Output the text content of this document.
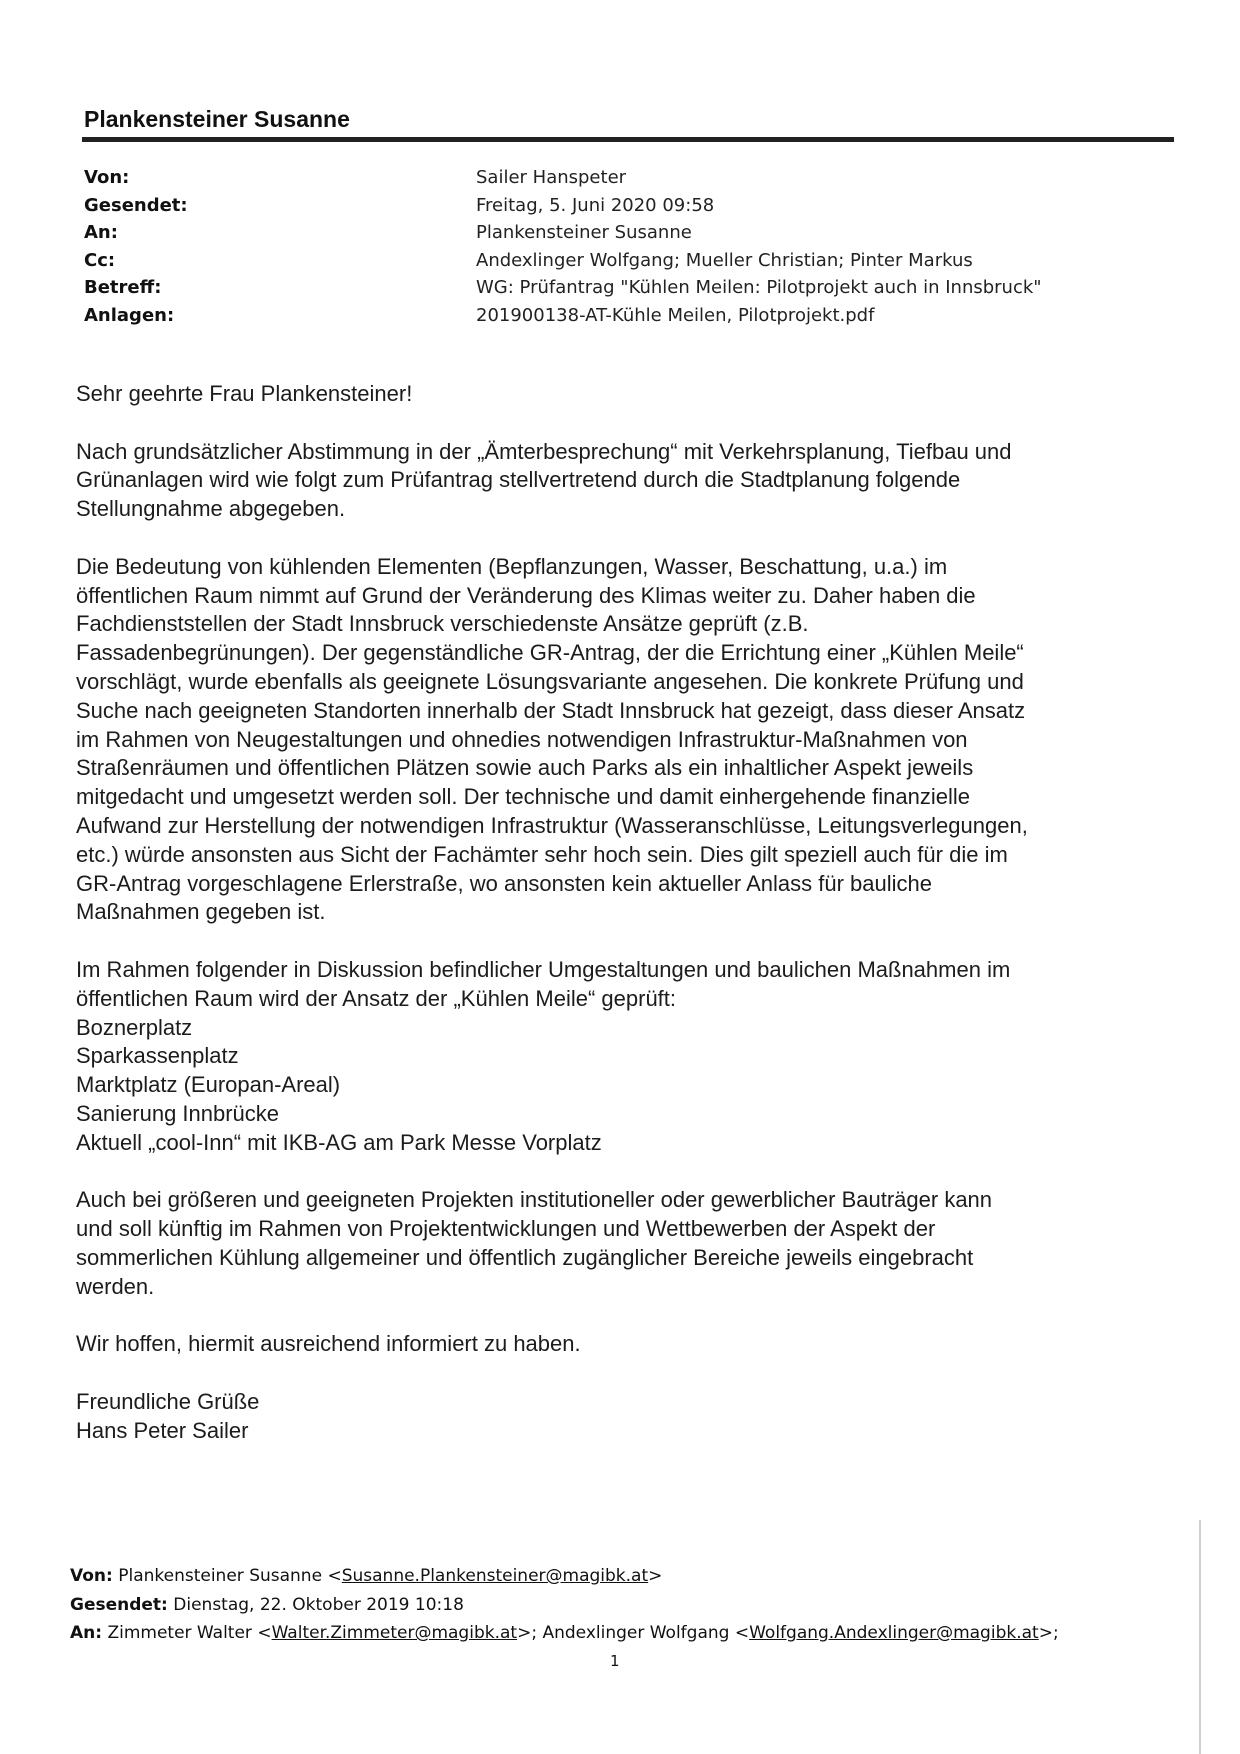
Plankensteiner Susanne
Von:	Sailer Hanspeter
Gesendet:	Freitag, 5. Juni 2020 09:58
An:	Plankensteiner Susanne
Cc:	Andexlinger Wolfgang; Mueller Christian; Pinter Markus
Betreff:	WG: Prüfantrag "Kühlen Meilen: Pilotprojekt auch in Innsbruck"
Anlagen:	201900138-AT-Kühle Meilen, Pilotprojekt.pdf

Sehr geehrte Frau Plankensteiner!

Nach grundsätzlicher Abstimmung in der „Ämterbesprechung“ mit Verkehrsplanung, Tiefbau und

Grünanlagen wird wie folgt zum Prüfantrag stellvertretend durch die Stadtplanung folgende

Stellungnahme abgegeben.

Die Bedeutung von kühlenden Elementen (Bepflanzungen, Wasser, Beschattung, u.a.) im

öffentlichen Raum nimmt auf Grund der Veränderung des Klimas weiter zu. Daher haben die

Fachdienststellen der Stadt Innsbruck verschiedenste Ansätze geprüft (z.B.

Fassadenbegrünungen). Der gegenständliche GR-Antrag, der die Errichtung einer „Kühlen Meile“

vorschlägt, wurde ebenfalls als geeignete Lösungsvariante angesehen. Die konkrete Prüfung und

Suche nach geeigneten Standorten innerhalb der Stadt Innsbruck hat gezeigt, dass dieser Ansatz

im Rahmen von Neugestaltungen und ohnedies notwendigen Infrastruktur-Maßnahmen von

Straßenräumen und öffentlichen Plätzen sowie auch Parks als ein inhaltlicher Aspekt jeweils

mitgedacht und umgesetzt werden soll. Der technische und damit einhergehende finanzielle

Aufwand zur Herstellung der notwendigen Infrastruktur (Wasseranschlüsse, Leitungsverlegungen,

etc.) würde ansonsten aus Sicht der Fachämter sehr hoch sein. Dies gilt speziell auch für die im

GR-Antrag vorgeschlagene Erlerstraße, wo ansonsten kein aktueller Anlass für bauliche

Maßnahmen gegeben ist.

Im Rahmen folgender in Diskussion befindlicher Umgestaltungen und baulichen Maßnahmen im

öffentlichen Raum wird der Ansatz der „Kühlen Meile“ geprüft:

Boznerplatz

Sparkassenplatz

Marktplatz (Europan-Areal)

Sanierung Innbrücke

Aktuell „cool-Inn“ mit IKB-AG am Park Messe Vorplatz

Auch bei größeren und geeigneten Projekten institutioneller oder gewerblicher Bauträger kann

und soll künftig im Rahmen von Projektentwicklungen und Wettbewerben der Aspekt der

sommerlichen Kühlung allgemeiner und öffentlich zugänglicher Bereiche jeweils eingebracht

werden.

Wir hoffen, hiermit ausreichend informiert zu haben.

Freundliche Grüße

Hans Peter Sailer

Von: Plankensteiner Susanne <Susanne.Plankensteiner@magibk.at>
Gesendet: Dienstag, 22. Oktober 2019 10:18
An: Zimmeter Walter <Walter.Zimmeter@magibk.at>; Andexlinger Wolfgang <Wolfgang.Andexlinger@magibk.at>;
1
